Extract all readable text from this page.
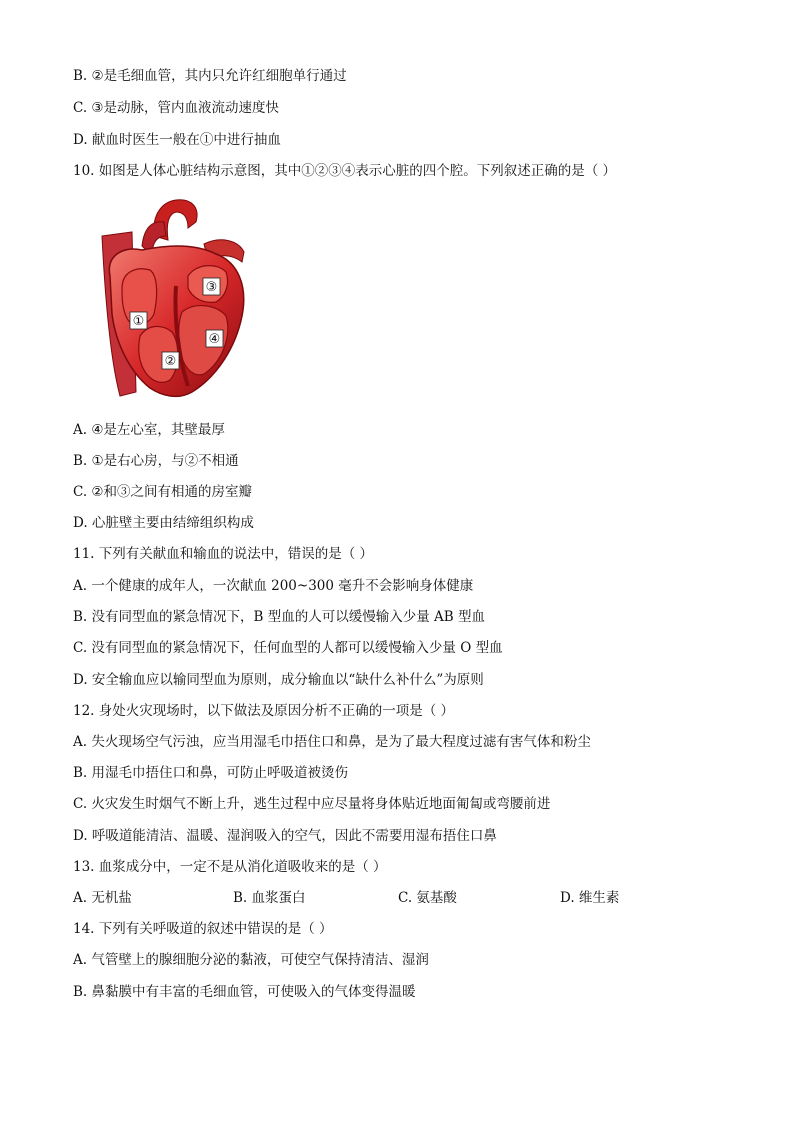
B. ②是毛细血管，其内只允许红细胞单行通过
C. ③是动脉，管内血液流动速度快
D. 献血时医生一般在①中进行抽血
10. 如图是人体心脏结构示意图，其中①②③④表示心脏的四个腔。下列叙述正确的是（ ）
①
②
③
④
A. ④是左心室，其壁最厚
B. ①是右心房，与②不相通
C. ②和③之间有相通的房室瓣
D. 心脏壁主要由结缔组织构成
11. 下列有关献血和输血的说法中，错误的是（ ）
A. 一个健康的成年人，一次献血 200~300 毫升不会影响身体健康
B. 没有同型血的紧急情况下，B 型血的人可以缓慢输入少量 AB 型血
C. 没有同型血的紧急情况下，任何血型的人都可以缓慢输入少量 O 型血
D. 安全输血应以输同型血为原则，成分输血以“缺什么补什么”为原则
12. 身处火灾现场时，以下做法及原因分析不正确的一项是（ ）
A. 失火现场空气污浊，应当用湿毛巾捂住口和鼻，是为了最大程度过滤有害气体和粉尘
B. 用湿毛巾捂住口和鼻，可防止呼吸道被烫伤
C. 火灾发生时烟气不断上升，逃生过程中应尽量将身体贴近地面匍匐或弯腰前进
D. 呼吸道能清洁、温暖、湿润吸入的空气，因此不需要用湿布捂住口鼻
13. 血浆成分中，一定不是从消化道吸收来的是（ ）
A. 无机盐	B. 血浆蛋白	C. 氨基酸	D. 维生素
14. 下列有关呼吸道的叙述中错误的是（ ）
A. 气管壁上的腺细胞分泌的黏液，可使空气保持清洁、湿润
B. 鼻黏膜中有丰富的毛细血管，可使吸入的气体变得温暖
